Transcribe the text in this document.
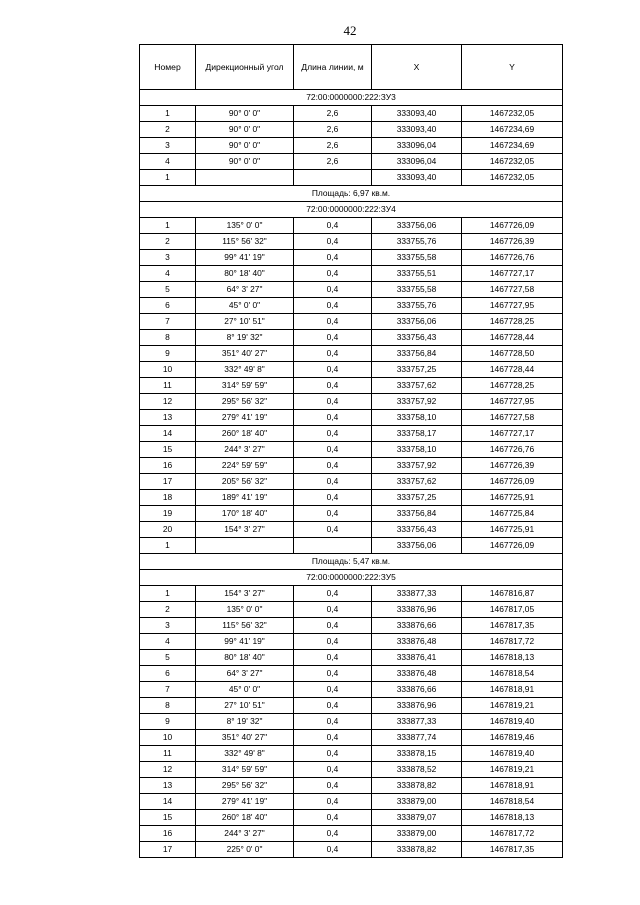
42
Номер	Дирекционный угол	Длина линии, м	X	Y
72:00:0000000:222:ЗУ3				
1	90° 0' 0"	2,6	333093,40	1467232,05
2	90° 0' 0"	2,6	333093,40	1467234,69
3	90° 0' 0"	2,6	333096,04	1467234,69
4	90° 0' 0"	2,6	333096,04	1467232,05
1			333093,40	1467232,05
Площадь: 6,97 кв.м.				
72:00:0000000:222:ЗУ4				
1	135° 0' 0"	0,4	333756,06	1467726,09
2	115° 56' 32"	0,4	333755,76	1467726,39
3	99° 41' 19"	0,4	333755,58	1467726,76
4	80° 18' 40"	0,4	333755,51	1467727,17
5	64° 3' 27"	0,4	333755,58	1467727,58
6	45° 0' 0"	0,4	333755,76	1467727,95
7	27° 10' 51"	0,4	333756,06	1467728,25
8	8° 19' 32"	0,4	333756,43	1467728,44
9	351° 40' 27"	0,4	333756,84	1467728,50
10	332° 49' 8"	0,4	333757,25	1467728,44
11	314° 59' 59"	0,4	333757,62	1467728,25
12	295° 56' 32"	0,4	333757,92	1467727,95
13	279° 41' 19"	0,4	333758,10	1467727,58
14	260° 18' 40"	0,4	333758,17	1467727,17
15	244° 3' 27"	0,4	333758,10	1467726,76
16	224° 59' 59"	0,4	333757,92	1467726,39
17	205° 56' 32"	0,4	333757,62	1467726,09
18	189° 41' 19"	0,4	333757,25	1467725,91
19	170° 18' 40"	0,4	333756,84	1467725,84
20	154° 3' 27"	0,4	333756,43	1467725,91
1			333756,06	1467726,09
Площадь: 5,47 кв.м.				
72:00:0000000:222:ЗУ5				
1	154° 3' 27"	0,4	333877,33	1467816,87
2	135° 0' 0"	0,4	333876,96	1467817,05
3	115° 56' 32"	0,4	333876,66	1467817,35
4	99° 41' 19"	0,4	333876,48	1467817,72
5	80° 18' 40"	0,4	333876,41	1467818,13
6	64° 3' 27"	0,4	333876,48	1467818,54
7	45° 0' 0"	0,4	333876,66	1467818,91
8	27° 10' 51"	0,4	333876,96	1467819,21
9	8° 19' 32"	0,4	333877,33	1467819,40
10	351° 40' 27"	0,4	333877,74	1467819,46
11	332° 49' 8"	0,4	333878,15	1467819,40
12	314° 59' 59"	0,4	333878,52	1467819,21
13	295° 56' 32"	0,4	333878,82	1467818,91
14	279° 41' 19"	0,4	333879,00	1467818,54
15	260° 18' 40"	0,4	333879,07	1467818,13
16	244° 3' 27"	0,4	333879,00	1467817,72
17	225° 0' 0"	0,4	333878,82	1467817,35
